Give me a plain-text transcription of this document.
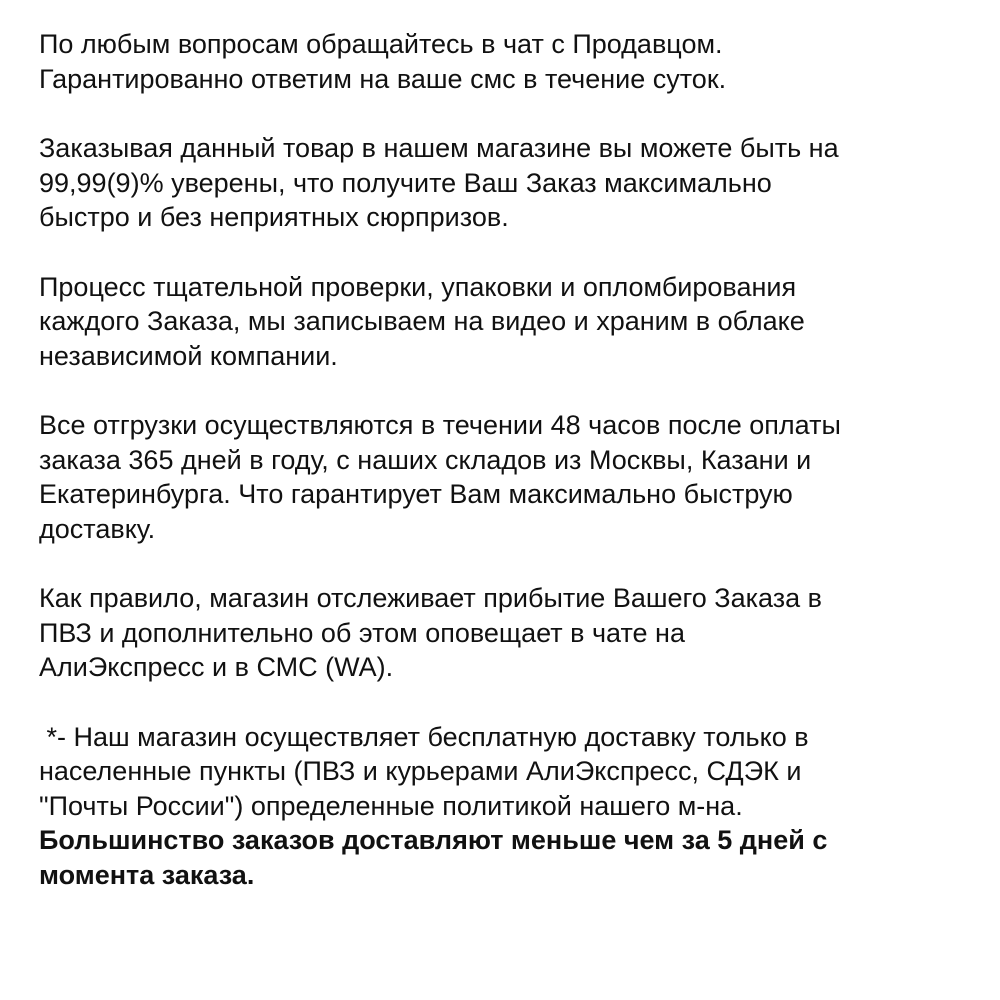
По любым вопросам обращайтесь в чат с Продавцом.
Гарантированно ответим на ваше смс в течение суток.
Заказывая данный товар в нашем магазине вы можете быть на
99,99(9)% уверены, что получите Ваш Заказ максимально
быстро и без неприятных сюрпризов.
Процесс тщательной проверки, упаковки и опломбирования
каждого Заказа, мы записываем на видео и храним в облаке
независимой компании.
Все отгрузки осуществляются в течении 48 часов после оплаты
заказа 365 дней в году, с наших складов из Москвы, Казани и
Екатеринбурга. Что гарантирует Вам максимально быструю
доставку.
Как правило, магазин отслеживает прибытие Вашего Заказа в
ПВЗ и дополнительно об этом оповещает в чате на
АлиЭкспресс и в СМС (WA).
*- Наш магазин осуществляет бесплатную доставку только в
населенные пункты (ПВЗ и курьерами АлиЭкспресс, СДЭК и
"Почты России") определенные политикой нашего м-на.
Большинство заказов доставляют меньше чем за 5 дней с
момента заказа.
